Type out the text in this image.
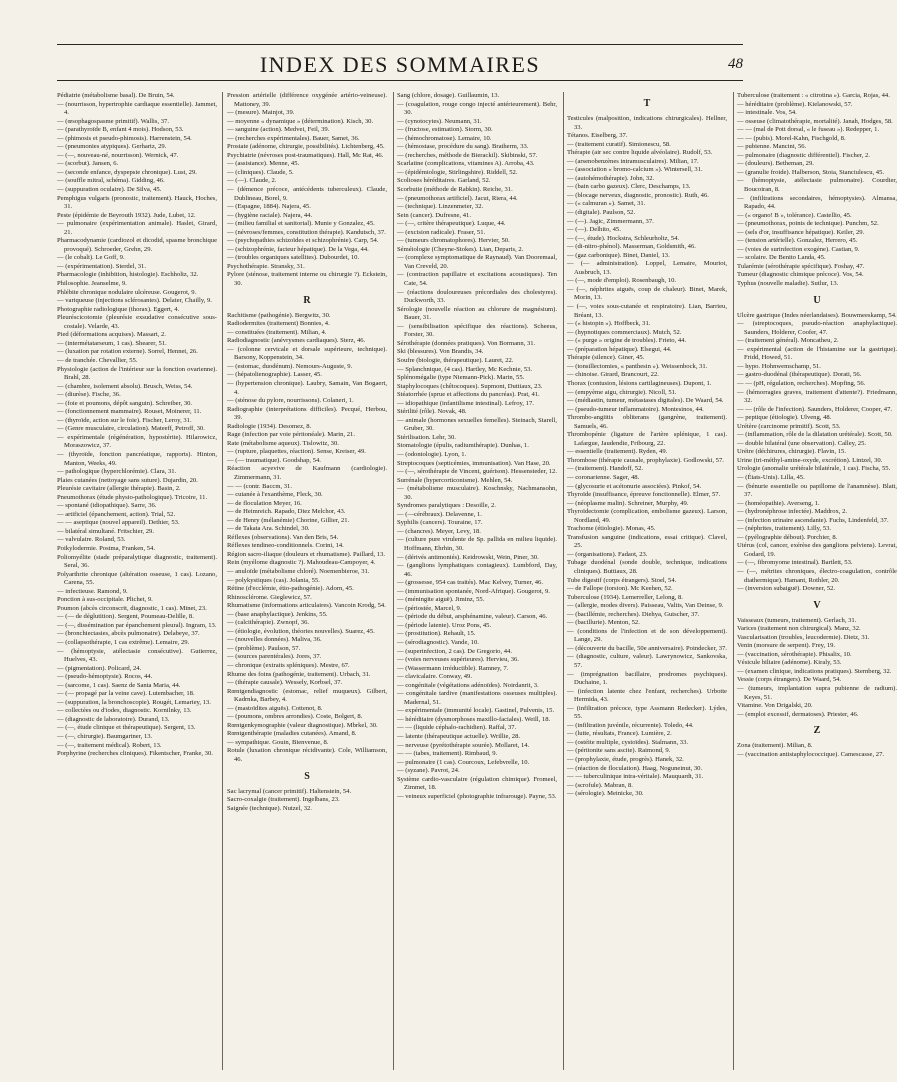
INDEX DES SOMMAIRES	48

Pédiatrie (métabolisme basal). De Bruin, 54.

— (nourrisson, hypertrophie cardiaque essentielle). Jammet, 4.

— (œsophagospasme primitif). Wallis, 37.

— (parathyroïde B, enfant 4 mois). Hodson, 53.

— (phimosis et pseudo-phimosis). Harrenstein, 54.

— (pneumonies atypiques). Gerhartz, 29.

— (—, nouveau-né, nourrisson). Wernick, 47.

— (scorbut). Jansen, 6.

— (seconde enfance, dyspepsie chronique). Lust, 29.

— (souffle mitral, schéma). Gidding, 46.

— (suppuration oculaire). De Silva, 45.

Pemphigus vulgaris (pronostic, traitement). Hauck, Hoches, 31.

Peste (épidémie de Beyrouth 1932). Jude, Lubet, 12.

— pulmonaire (expérimentation animale). Haslet, Girard, 21.

Pharmacodynamie (cardiozol et dicodid, spasme bronchique provoqué). Schroeder, Grehn, 29.

— (le cobalt). Le Goff, 9.

— (expérimentation). Sterdel, 31.

Pharmacologie (inhibition, histologie). Eschholtz, 32.

Philosophie. Jeanselme, 9.

Phlébite chronique nodulaire ulcéreuse. Gougerot, 9.

— variqueuse (injections sclérosantes). Delater, Chailly, 9.

Photographie radiologique (thorax). Eggert, 4.

Pleuréscicotomie (pleurésie exsudative consécutive sous-costale). Velarde, 43.

Pied (déformations acquises). Massart, 2.

— (intermétatarseum, 1 cas). Shearer, 51.

— (luxation par rotation externe). Sorrel, Hennet, 26.

— de tranchée. Chevallier, 55.

Physiologie (action de l'intérieur sur la fonction ovarienne). Brahl, 28.

— (chambre, isolement absolu). Brusch, Weiss, 54.

— (diurèse). Fische, 36.

— (foie et poumons, dépôt sanguin). Schreiber, 30.

— (fonctionnement mammaire). Rouset, Moinerer, 11.

— (thyroïde, action sur le foie). Fischer, Leroy, 31.

— (Genre musculaire, circulation). Mateeff, Petroff, 30.

— expérimentale (régénération, hypostérite). Hilarowicz, Moraszowicz, 37.

— (thyroïde, fonction pancréatique, rapports). Hinton, Manton, Weeks, 49.

— pathologique (hyperchlorémie). Clara, 31.

Plaies cutanées (nettoyage sans suture). Dujardin, 20.

Pleurésie cavitaire (allergie thérapie). Basin, 2.

Pneumothorax (étude physio-pathologique). Tricoire, 11.

— spontané (idiopathique). Sarre, 36.

— artificiel (épanchement, action). Trial, 52.

— — aseptique (nouvel appareil). Dethier, 53.

— bilatéral simultané. Fritschier, 29.

— valvulaire. Roland, 53.

Poikylodermie. Postma, Franken, 54.

Poliomyélite (stade préparalytique diagnostic, traitement). Seral, 36.

Polyarthrite chronique (altération osseuse, 1 cas). Lozano, Carena, 55.

— infectieuse. Ramond, 9.

Ponction à sus-occipitale. Plichet, 9.

Poumon (abcès circonscrit, diagnostic, 1 cas). Minet, 23.

— (— de déglutition). Sergent, Poumeau-Delille, 8.

— (—, dissémination par épanchement pleural). Ingram, 13.

— (bronchiectasies, abcès pulmonaire). Delabeye, 37.

— (collapsothérapie, 1 cas extrême). Lemaire, 29.

— (hémoptysie, atélectasie consécutive). Gutierrez, Huelves, 43.

— (pigmentation). Policard, 24.

— (pseudo-hémoptysie). Rocos, 44.

— (sarcome, 1 cas). Saenz de Santa Maria, 44.

— (— propagé par la veine cave). Lutembacher, 18.

— (suppuration, la bronchoscopie). Rougét, Lemariey, 13.

— collectées ou d'iodes, diagnostic. Kornilnky, 13.

— (diagnostic de laboratoire). Durand, 13.

— (—, étude clinique et thérapeutique). Sergent, 13.

— (—, chirurgie). Baumgartner, 13.

— (—, traitement médical). Robert, 13.

Porphyrine (recherches cliniques). Fikentscher, Franke, 30.

Pression artérielle (différence oxygénée artério-veineuse). Mattoney, 39.

— (mesure). Mainjot, 39.

— moyenne « dynamique » (détermination). Kisch, 30.

— sanguine (action). Medvei, Feil, 39.

— (recherches expérimentales). Bauer, Samet, 36.

Prostate (adénome, chirurgie, possibilités). Lichtenberg, 45.

Psychiatrie (névroses post-traumatiques). Hall, Mc Rat, 46.

— (assistance). Menne, 45.

— (cliniques). Claude, 5.

— (—). Claude, 2.

— (démence précoce, antécédents tuberculeux). Claude, Dublineau, Borel, 9.

— (Espagne, 1884). Najera, 45.

— (hygiène raciale). Najera, 44.

— (milieu familial et sanitorial). Munie y Gonzalez, 45.

— (névroses/femmes, constitution thérapie). Kandutsch, 37.

— (psychopathies schizoïdes et schizophrénie). Carp, 54.

— (schizophrénie, facteur hépatique). De la Vega, 44.

— (troubles organiques satellites). Dubourdet, 10.

Psychothérapie. Stransky, 31.

Pylore (sténose, traitement interne ou chirurgie ?). Eckstein, 30.

R

Rachitisme (pathogénie). Bergwitz, 30.

Radiodermites (traitement) Bonnies, 4.

— constituées (traitement). Milian, 4.

Radiodiagnostic (anévrysmes cardiaques). Sterz, 46.

— (colonne cervicale et dorsale supérieure, technique). Barsony, Koppenstein, 34.

— (estomac, duodénum). Nemours-Auguste, 9.

— (hépatolienographie). Lasser, 45.

— (hypertension chronique). Laubry, Samain, Van Bogaert, 4.

— (sténose du pylore, nourrissons). Colaneri, 1.

Radiographie (interprétations difficiles). Pecqué, Herbou, 39.

Radiologie (1934). Desomez, 8.

Rage (infection par voie péritonéale). Marin, 21.

Rate (métabolisme aqueux). Tislowitz, 30.

— (rupture, plaquettes, réaction). Sense, Kreiser, 49.

— (— traumatique). Goodshap, 54.

Réaction acyevive de Kaufmann (cardiologie). Zimmermann, 31.

— — (contr. Baccm, 31.

— cutanée à l'exanthème, Fleck, 30.

— de floculation Meyer, 16.

— de Heimreich. Rapado, Diez Melchor, 43.

— de Henry (mélanémie) Chorine, Gillier, 21.

— de Takata Ara. Schindel, 30.

Réflexes (observations). Van den Bris, 54.

Réflexes tendineo-conditionnels. Corini, 14.

Région sacro-iliaque (douleurs et rhumatisme). Paillard, 13.

Rein (myélome diagnostic ?). Mahoudeau-Campoyer, 4.

— anuloïde (métabolisme chloré). Noemenbieroe, 31.

— polykystiques (cas). Jolania, 55.

Rétine (d'ecclémie, étio-pathogénie). Adorn, 45.

Rhinosclérome. Gieglewicz, 57.

Rhumatisme (informations articulaires). Vancoin Krodg, 54.

— (base anaphylactique). Jenkins, 55.

— (calcithérapie). Zwnopf, 36.

— (étiologie, évolution, théories nouvelles). Suarez, 45.

— (nouvelles données). Maliva, 36.

— (problème). Paulson, 57.

— (sources parentérales). Jores, 37.

— chronique (extraits spléniques). Mestre, 67.

Rhume des foins (pathogénie, traitement). Urbach, 31.

— (thérapie causale). Wessely, Korbsel, 37.

Rœntgendiagnostic (estomac, relief muqueux). Gilbert, Kadrnka, Barbey, 4.

— (mastoïdites aiguës). Cottenot, 8.

— (poumons, ombres arrondies). Coste, Bolgert, 8.

Rœntgenkymographie (valeur diagnostique). Mbrkel, 30.

Rœntgenthérapie (maladies cutanées). Amand, 8.

— sympathique. Gouin, Bienvenue, 8.

Rotule (luxation chronique récidivante). Cole, Williamson, 46.

S

Sac lacrymal (cancer primitif). Haltenstein, 54.

Sacro-coxalgie (traitement). Ingelbans, 23.

Saignée (technique). Nutzel, 32.

Sang (chlore, dosage). Guillaumin, 13.

— (coagulation, rouge congo injecté antérieurement). Behr, 30.

— (cynotocytes). Neumann, 31.

— (fructose, estimation). Storm, 30.

— (hémochromatose). Lemaire, 10.

— (hémostase, procédure du sang). Bratherm, 33.

— (recherches, méthode de Bierackil). Skibinski, 57.

Scarlatine (complications, vitamines A). Arroba, 43.

— (épidémiologie, Stirlingshire). Riddell, 52.

Scolioses héréditaires. Garland, 52.

Scorbutie (méthode de Rabkin). Reiche, 31.

— (pneumothorax artificiel). Jacut, Riera, 44.

— (technique). Linzenmeier, 32.

Sein (cancer). Dufresne, 41.

— (—, critère thérapeutique). Luque, 44.

— (excision radicale). Fraser, 51.

— (tumeurs chromatophores). Hervier, 50.

Séméiologie (Cheyne-Stokes). Lian, Deparis, 2.

— (complexe symptomatique de Raynaud). Van Dooremaal, Van Creveld, 20.

— (contraction papillaire et excitations acoustiques). Ten Cate, 54.

— (réactions douloureuses précordiales des cholestyres). Duckworth, 33.

Sérologie (nouvelle réaction au chlorure de magnésium). Bauer, 31.

— (sensibilisation spécifique des réactions). Scheeus, Forster, 30.

Sérothérapie (données pratiques). Von Bormann, 31.

Ski (blessures). Von Brandis, 34.

Soufre (biologie, thérapeutique). Lauret, 22.

— Splanchnique, (4 cas). Hartley, Mc Kechnie, 53.

Splénomégalie (type Niemann-Pick). Marin, 55.

Staphylocoques (chêtocoques). Supmont, Duttiaux, 23.

Stéatorrhée (sprue et affections du pancréas). Prat, 41.

— idiopathique (infantilisme intestinal). Lefroy, 17.

Stérilité (rôle). Novak, 48.

— animale (hormones sexuelles femelles). Steinach, Starell, Gruber, 30.

Stérilisation. Lehr, 30.

Stomatologie (épulis, radiumthérapie). Dunhas, 1.

— (odontologie). Lyon, 1.

Streptocoques (septicémies, immunisation). Van Hase, 20.

— (—, sérothérapie de Vincent, guérison). Hessensteder, 12.

Surrénale (hypercorticonisme). Mehlen, 54.

— (métabolisme musculaire). Koschnsky, Nachmansohn, 30.

Syndromes paralytiques : Desoille, 2.

— (—cérébraux). Delavenne, 1.

Syphilis (cancers). Touraine, 17.

— (chancres). Meyer, Levy, 18.

— (culture pure virulente de Sp. pallida en milieu liquide). Hoffmann, Ehrhin, 30.

— (dérivés antimoniés). Keidrowski, Wein, Piner, 30.

— (ganglions lymphatiques contagieux). Lumbford, Day, 46.

— (grossesse, 954 cas traités). Mac Kelvey, Turner, 46.

— (immunisation spontanée, Nord-Afrique). Gougerot, 9.

— (méningite aiguë). Jiminz, 55.

— (périostée, Marcel, 9.

— (période du début, arsphénamine, valeur). Carson, 46.

— (période latente). Uroz Pons, 45.

— (prostitution). Rehault, 15.

— (sérodiagnostic). Vande, 10.

— (superinfection, 2 cas). De Gregorio, 44.

— (voies nerveuses supérieures). Hervieu, 36.

— (Wassermann irréductible). Ramney, 7.

— clavicalaire. Conway, 49.

— congénitale (végétations adénoïdes). Noirdanrit, 3.

— congénitale tardive (manifestations osseuses multiples). Madernal, 51.

— expérimentale (immunité locale). Gastinel, Pulvenis, 15.

— héréditaire (dysmorphoses maxillo-faciales). Weill, 18.

— — (liquide céphalo-rachidien). Raffal, 37.

— latente (thérapeutique actuelle). Wrillie, 28.

— nerveuse (pyrétothérapie sourée). Mollaret, 14.

— — (tabes, traitement). Rimbaud, 9.

— pulmonaire (1 cas). Courcoux, Lefebvrelle, 10.

— (syzane). Pavrot, 24.

Système cardio-vasculaire (régulation chimique). Fromeel, Zimmet, 18.

— veineux superficiel (photographie infrarouge). Payne, 53.

T

Testicules (malposition, indications chirurgicales). Hellner, 33.

Tétanos. Eiselberg, 37.

— (traitement curatif). Simionescu, 58.

Thérapie (air sec contre liquide alvéolaire). Rudolf, 53.

— (arsenobenzènes intramusculaires). Milian, 17.

— (association « bromo-calcium »). Wintersell, 31.

— (autohémothérapie). John, 32.

— (bain carbo gazeux). Clerc, Deschamps, 13.

— (blocage nerveux, diagnostic, pronostic). Ruth, 46.

— (« calmuran »). Samet, 31.

— (digitale). Paulson, 52.

— (—). Jagic, Zimmermann, 37.

— (—). Delhito, 45.

— (—, étude). Hockstra, Schleurholtz, 54.

— (di-nitro-phénol). Masserman, Goldsmith, 46.

— (gaz carbonique). Binet, Daniel, 13.

— (— administration). Loppel, Lemaire, Mouriot, Ausbruch, 13.

— (—, mode d'emploi). Rosenbaugh, 10.

— (—, néphrites aiguës, coup de chaleur). Binet, Marek, Morin, 13.

— (—, voies sous-cutanée et respiratoire). Lian, Barrieu, Bréant, 13.

— (« histopin »). Hoffbeck, 31.

— (hypnotiques commerciaux). Mutch, 52.

— (« purge » origine de troubles). Frieto, 44.

— (préparation hépatique). Elsegui, 44.

Thérapie (silence). Giner, 45.

— (tonsillectomies, « panthesin »). Weissenbock, 31.

— chinoise. Girard, Brancourt, 22.

Thorax (contusion, lésions cartilagineuses). Dupont, 1.

— (empyème aigu, chirurgie). Nicoll, 51.

— (médiastin, tumeur, métastases digitales). De Waard, 54.

— (pseudo-tumeur inflammatoire). Montesinos, 44.

Thrombo-angiitis obliterans (gangrène, traitement). Samuels, 46.

Thrombopénie (ligature de l'artère splénique, 1 cas). Lafargue, Jaudendie, Fribourg, 22.

— essentielle (traitement). Ryden, 49.

Thrombose (thérapie causale, prophylaxie). Godlowski, 57.

— (traitement). Handoff, 52.

— coronarienne. Sager, 48.

— (glycosurie et acétonurie associées). Pinkof, 54.

Thyroïde (insuffisance, épreuve fonctionnelle). Elmer, 57.

— (néoplasme malin). Schreiner, Murphy, 49.

Thyroïdectomie (complication, embolisme gazeux). Larson, Nordland, 49.

Trachome (étiologie). Monas, 45.

Transfusion sanguine (indications, essai critique). Clavel, 25.

— (organisations). Fadaot, 23.

Tubage duodénal (sonde double, technique, indications cliniques). Buttiaux, 28.

Tube digestif (corps étrangers). Stoel, 54.

— de Fallope (torsion). Mc Keehen, 52.

Tuberculose (1934). Lemerreller, Lelong, 8.

— (allergie, modes divers). Paisseau, Valtis, Van Deinse, 9.

— (bacillémie, recherches). Diehya, Gutscher, 37.

— (bacillurie). Menton, 52.

— (conditions de l'infection et de son développement). Lange, 29.

— (découverte du bacille, 50e anniversaire). Poindecker, 37.

— (diagnostic, culture, valeur). Lawrynowicz, Sankovska, 57.

— (imprégnation bacillaire, prodromes psychiques). Duchaine, 1.

— (infection latente chez l'enfant, recherches). Urbotte Hermida, 43.

— (infiltration précoce, type Assmann Redecker). Lýdes, 55.

— (infiltration juvénile, récurrente). Toledo, 44.

— (lutte, résultats, France). Lumière, 2.

— (ostéite multiple, cystoïdes). Stalmann, 33.

— (péritonite sans ascite). Raimond, 9.

— (prophylaxie, étude, progrès). Hanek, 32.

— (réaction de floculation). Haag, Noguneinut, 30.

— — tuberculinique intra-véritale). Mauquardt, 31.

— (scrofule). Mabran, 8.

— (sérologie). Meinicke, 30.

Tuberculose (traitement : « citrotina »). Garcia, Rojas, 44.

— héréditaire (problème). Kielanowski, 57.

— intestinale. Vos, 54.

— osseuse (climatothérapie, mortalité). Janah, Hodges, 58.

— — (mal de Pott dorsal, « le fuseau »). Redepper, 1.

— — (pubis). Morel-Kahn, Fischgold, 8.

— pubienne. Mancini, 56.

— pulmonaire (diagnostic différentiel). Fischer, 2.

— (douleurs). Betheman, 29.

— (granulie froide). Halberson, Stoia, Stanciulescu, 45.

— (hémoptysie, atélectasie pulmonaire). Courdier, Boucoiran, 8.

— (infiltrations secondaires, hémoptysies). Almansa, Rapado, 44.

— (« organo! B », tolérance). Castellio, 45.

— (pneumothorax, points de technique). Punchm, 52.

— (sels d'or, insuffisance hépatique). Keiler, 29.

— (tension artérielle). Gonzalez, Herrero, 45.

— (voies de surinfection exogène). Castian, 9.

— scolaire. De Benito Landa, 45.

Tularémie (sérothérapie spécifique). Foshay, 47.

Tumeur (diagnostic chimique précoce). Vos, 54.

Typhus (nouvelle maladie). Sutlur, 13.

U

Ulcère gastrique (Indes néerlandaises). Bouwmeeskamp, 54.

— (streptocoques, pseudo-réaction anaphylactique). Saunders, Holderer, Coofer, 47.

— (traitement général). Moncatheu, 2.

— expérimental (action de l'histamine sur la gastrique). Fridd, Howed, 51.

— hypo. Hohnwemschamp, 51.

— gastro-duodénal (thérapeutique). Dorati, 56.

— — (pH, régulation, recherches). Mopfing, 56.

— (hémorragies graves, traitement d'attente?). Friedmann, 32.

— — (rôle de l'infection). Saunders, Holderer, Cooper, 47.

— peptique (étiologie). Ulveng, 48.

Urétère (carcinome primitif). Scott, 53.

— (inflammation, rôle de la dilatation urétérale). Scott, 50.

— double bilatéral (une observation). Calley, 25.

Urétre (déchirures, chirurgie). Flavin, 15.

Urine (tri-méthyl-amine-oxyde, excrétion). Lintzel, 30.

Urologie (anomalie urétérale bilatérale, 1 cas). Fischa, 55.

— (États-Unis). Lilla, 45.

— (bénurie essentielle ou papillome de l'anamnèse). Blatt, 37.

— (homéopathie). Averseng, 1.

— (hydronéphrose infectée). Maddrox, 2.

— (infection urinaire ascendante). Fuchs, Lindenfeld, 37.

— (néphrites, traitement). Lilly, 53.

— (pyélographie débout). Porchier, 8.

Utérus (col, cancer, exérèse des ganglions pelviens). Levrat, Godard, 19.

— (—, fibromyome intestinal). Bartlett, 53.

— (—, métrites chroniques, électro-coagulation, contrôle diathermique). Hamant, Rothler, 20.

— (inversion subaiguë). Downer, 52.

V

Vaisseaux (tumeurs, traitement). Gerlach, 31.

Varices (traitement non chirurgical). Manz, 32.

Vascularisation (troubles, leucodermie). Dietz, 31.

Venin (morsure de serpent). Frey, 19.

— (vaccination, sérothérapie). Phisalix, 10.

Vésicule biliaire (adénome). Kiraly, 53.

— (examen clinique, indications pratiques). Sternberg, 32.

Vessie (corps étrangers). De Waard, 54.

— (tumeurs, implantation supra pubienne de radium). Keyes, 51.

Vitamine. Von Drigalski, 20.

— (emploi excessif, dermatoses). Priester, 46.

Z

Zona (traitement). Milian, 8.

— (vaccination antistaphylococcique). Camescasse, 27.
